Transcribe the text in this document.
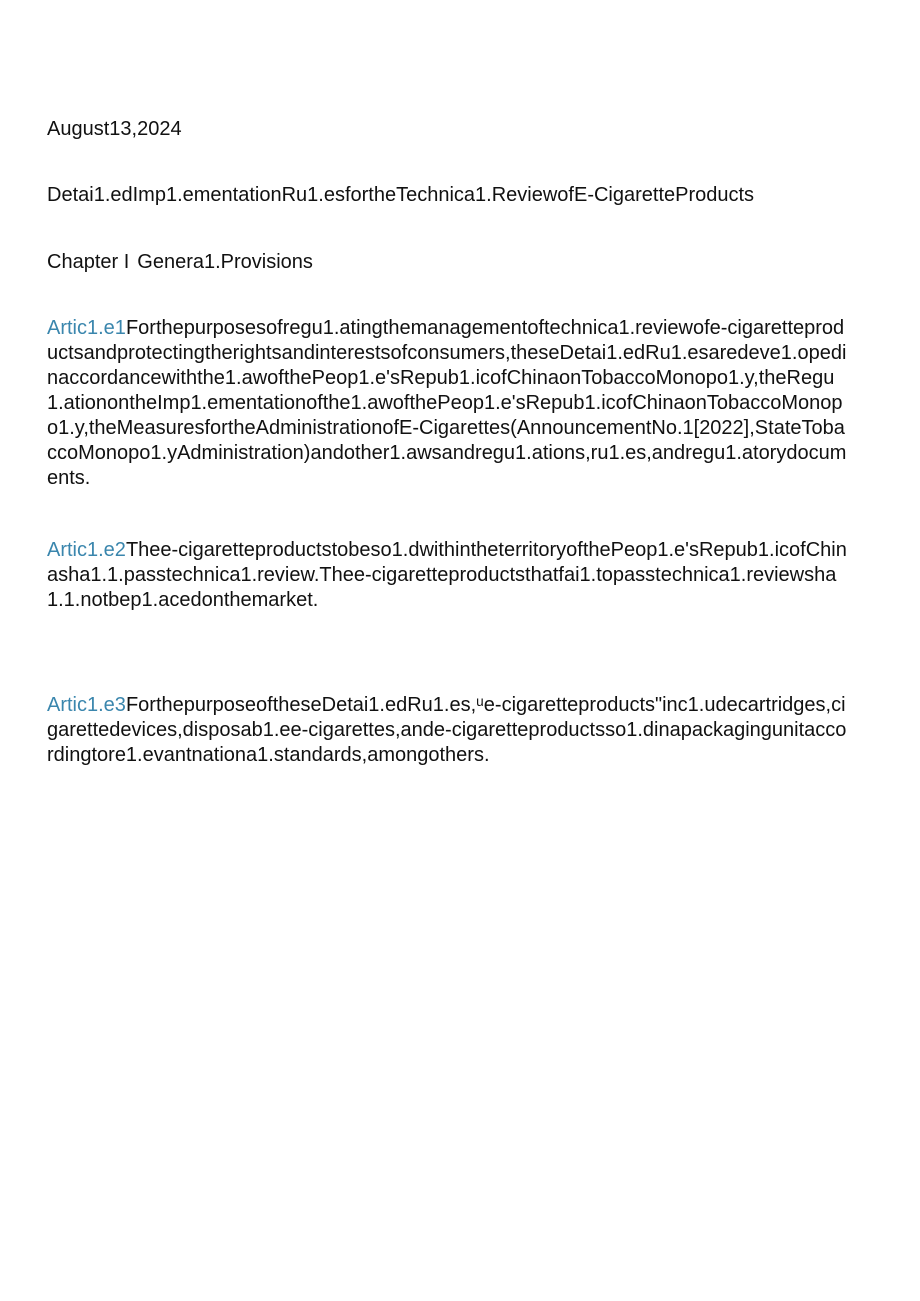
August13,2024
Detai1.edImp1.ementationRu1.esfortheTechnica1.ReviewofE-CigaretteProducts
Chapter I Genera1.Provisions
Artic1.e1Forthepurposesofregu1.atingthemanagementoftechnica1.reviewofe-cigaretteproductsandprotectingtherightsandinterestsofconsumers,theseDetai1.edRu1.esaredeve1.opedinaccordancewiththe1.awofthePeop1.e'sRepub1.icofChinaonTobaccoMonopo1.y,theRegu1.ationontheImp1.ementationofthe1.awofthePeop1.e'sRepub1.icofChinaonTobaccoMonopo1.y,theMeasuresfortheAdministrationofE-Cigarettes(AnnouncementNo.1[2022],StateTobaccoMonopo1.yAdministration)andother1.awsandregu1.ations,ru1.es,andregu1.atorydocuments.
Artic1.e2Thee-cigaretteproductstobeso1.dwithintheterritoryofthePeop1.e'sRepub1.icofChinasha1.1.passtechnica1.review.Thee-cigaretteproductsthatfai1.topasstechnica1.reviewsha1.1.notbep1.acedonthemarket.
Artic1.e3ForthepurposeoftheseDetai1.edRu1.es,ᵘe-cigaretteproducts"inc1.udecartridges,cigarettedevices,disposab1.ee-cigarettes,ande-cigaretteproductsso1.dinapackagingunitaccordingtore1.evantnationa1.standards,amongothers.
